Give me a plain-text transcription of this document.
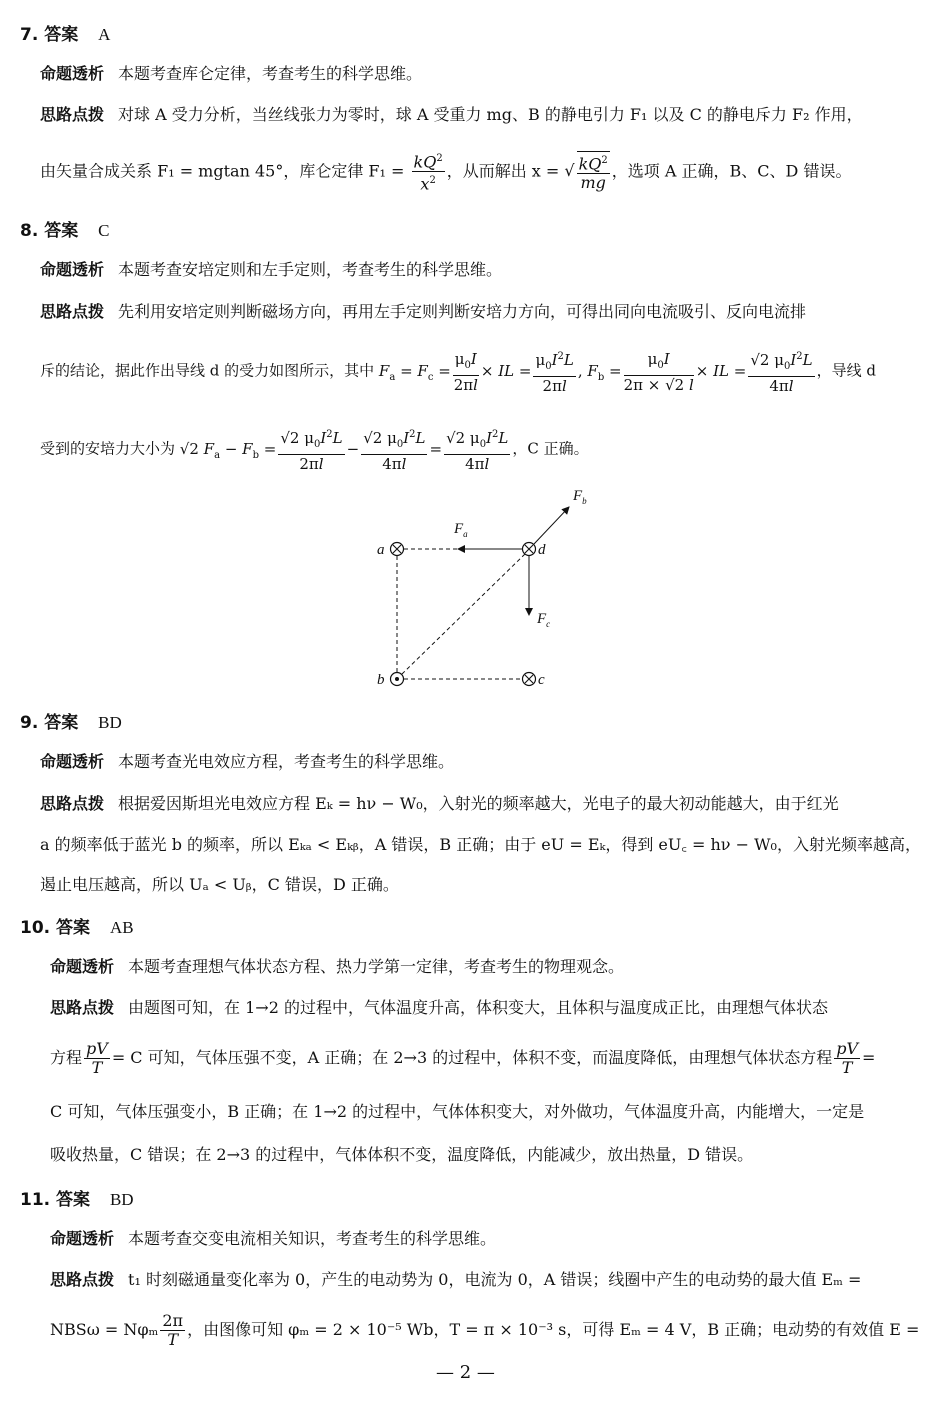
7. 答案 A
命题透析 本题考查库仑定律，考查考生的科学思维。
思路点拨 对球 A 受力分析，当丝线张力为零时，球 A 受重力 mg、B 的静电引力 F₁ 以及 C 的静电斥力 F₂ 作用，
由矢量合成关系 F₁ = mgtan 45°，库仑定律 $F_1 = \frac{kQ^2}{x^2}$ ，从而解出 x = √ $\frac{kQ^2}{mg}$ ，选项 A 正确，B、C、D 错误。
8. 答案 C
命题透析 本题考查安培定则和左手定则，考查考生的科学思维。
思路点拨 先利用安培定则判断磁场方向，再用左手定则判断安培力方向，可得出同向电流吸引、反向电流排
斥的结论，据此作出导线 d 的受力如图所示，其中 $F_a = F_c = \frac{\mu_0I}{2\pi l}$ × IL = $\frac{\mu_0I^2L}{2\pi l}$ , $F_b = \frac{\mu_0I}{2\pi \times √2 l}$ × IL = $\frac{√2 \mu_0I^2L}{4\pi l}$ ，导线 d
受到的安培力大小为 √2 $F_a - F_b = \frac{√2 \mu_0I^2L}{2\pi l} - \frac{√2 \mu_0I^2L}{4\pi l} = \frac{√2 \mu_0I^2L}{4\pi l}$ ，C 正确。
a	d
b	c
$F_a$
$F_b$
$F_c$
9. 答案 BD
命题透析 本题考查光电效应方程，考查考生的科学思维。
思路点拨 根据爱因斯坦光电效应方程 Eₖ = hν − W₀，入射光的频率越大，光电子的最大初动能越大，由于红光
a 的频率低于蓝光 b 的频率，所以 Eₖₐ < Eₖᵦ，A 错误，B 正确；由于 eU = Eₖ，得到 eU꜀ = hν − W₀，入射光频率越高，
遏止电压越高，所以 Uₐ < Uᵦ，C 错误，D 正确。
10. 答案 AB
命题透析 本题考查理想气体状态方程、热力学第一定律，考查考生的物理观念。
思路点拨 由题图可知，在 1→2 的过程中，气体温度升高，体积变大，且体积与温度成正比，由理想气体状态
方程 $\frac{pV}{T} = C$ 可知，气体压强不变，A 正确；在 2→3 的过程中，体积不变，而温度降低，由理想气体状态方程 $\frac{pV}{T}$ =
C 可知，气体压强变小，B 正确；在 1→2 的过程中，气体体积变大，对外做功，气体温度升高，内能增大，一定是
吸收热量，C 错误；在 2→3 的过程中，气体体积不变，温度降低，内能减少，放出热量，D 错误。
11. 答案 BD
命题透析 本题考查交变电流相关知识，考查考生的科学思维。
思路点拨 t₁ 时刻磁通量变化率为 0，产生的电动势为 0，电流为 0，A 错误；线圈中产生的电动势的最大值 Eₘ =
NBSω = Nφₘ $\frac{2\pi}{T}$ ，由图像可知 φₘ = 2 × 10⁻⁵ Wb，T = π × 10⁻³ s，可得 Eₘ = 4 V，B 正确；电动势的有效值 E =
— 2 —
